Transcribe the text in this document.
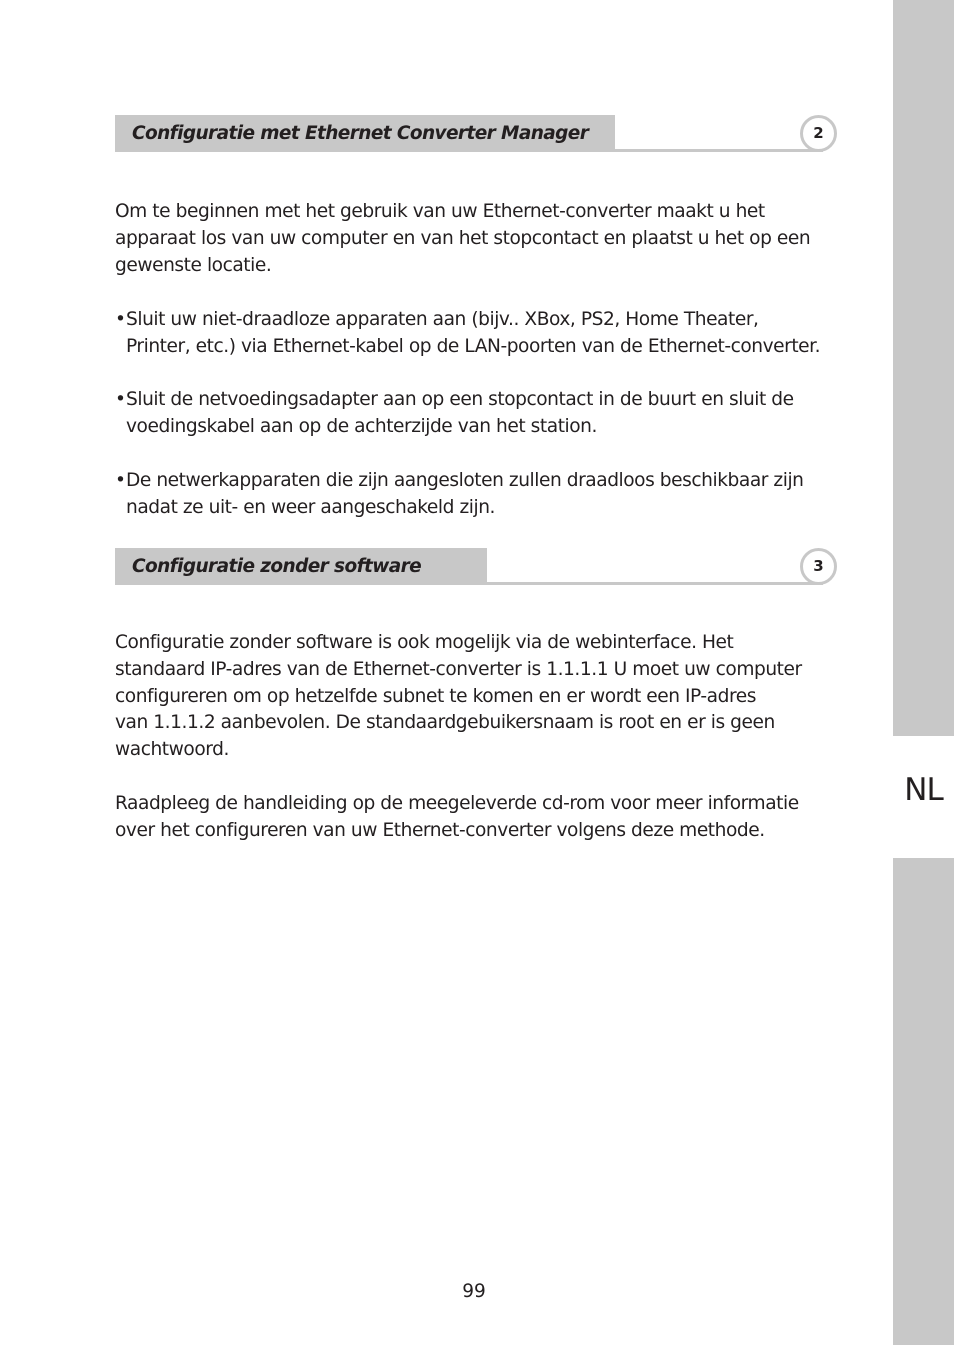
NL
Configuratie met Ethernet Converter Manager	2
Om te beginnen met het gebruik van uw Ethernet-converter maakt u het
apparaat los van uw computer en van het stopcontact en plaatst u het op een
gewenste locatie.
• Sluit uw niet-draadloze apparaten aan (bijv.. XBox, PS2, Home Theater,
Printer, etc.) via Ethernet-kabel op de LAN-poorten van de Ethernet-converter.
• Sluit de netvoedingsadapter aan op een stopcontact in de buurt en sluit de
voedingskabel aan op de achterzijde van het station.
• De netwerkapparaten die zijn aangesloten zullen draadloos beschikbaar zijn
nadat ze uit- en weer aangeschakeld zijn.
Configuratie zonder software	3
Configuratie zonder software is ook mogelijk via de webinterface. Het
standaard IP-adres van de Ethernet-converter is 1.1.1.1 U moet uw computer
configureren om op hetzelfde subnet te komen en er wordt een IP-adres
van 1.1.1.2 aanbevolen. De standaardgebuikersnaam is root en er is geen
wachtwoord.
Raadpleeg de handleiding op de meegeleverde cd-rom voor meer informatie
over het configureren van uw Ethernet-converter volgens deze methode.
99
